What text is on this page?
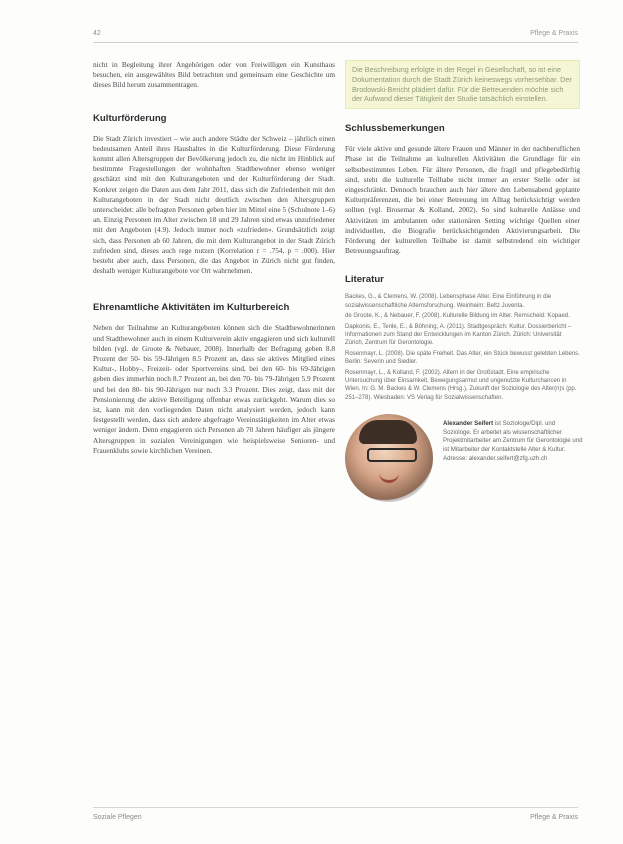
42	Pflege & Praxis

nicht in Begleitung ihrer Angehörigen oder von Freiwilligen ein Kunsthaus besuchen, ein ausgewähltes Bild betrachten und gemeinsam eine Geschichte um dieses Bild herum zusammentragen.

Kulturförderung

Die Stadt Zürich investiert – wie auch andere Städte der Schweiz – jährlich einen bedeutsamen Anteil ihres Haushaltes in die Kulturförderung. Diese Förderung kommt allen Altersgruppen der Bevölkerung jedoch zu, die nicht im Hinblick auf bestimmte Fragestellungen der wohnhaften Stadtbewohner ebenso weniger geschätzt sind mit den Kulturangeboten und der Kulturförderung der Stadt. Konkret zeigen die Daten aus dem Jahr 2011, dass sich die Zufriedenheit mit den Kulturangeboten in der Stadt nicht deutlich zwischen den Altersgruppen unterscheidet: alle befragten Personen geben hier im Mittel eine 5 (Schulnote 1–6) an. Einzig Personen im Alter zwischen 18 und 29 Jahren sind etwas unzufriedener mit den Angeboten (4.9). Jedoch immer noch «zufrieden». Grundsätzlich zeigt sich, dass Personen ab 60 Jahren, die mit dem Kulturangebot in der Stadt Zürich zufrieden sind, dieses auch rege nutzen (Korrelation r = .754, p = .000). Hier besteht aber auch, dass Personen, die das Angebot in Zürich nicht gut finden, deshalb weniger Kulturangebote vor Ort wahrnehmen.

Ehrenamtliche Aktivitäten im Kulturbereich

Neben der Teilnahme an Kulturangeboten können sich die Stadtbewohnerinnen und Stadtbewohner auch in einem Kulturverein aktiv engagieren und sich kulturell bilden (vgl. de Groote & Nebauer, 2008). Innerhalb der Befragung geben 8.8 Prozent der 50- bis 59-Jährigen 8.5 Prozent an, dass sie aktives Mitglied eines Kultur-, Hobby-, Freizeit- oder Sportvereins sind, bei den 60- bis 69-Jährigen geben dies immerhin noch 8.7 Prozent an, bei den 70- bis 79-Jährigen 5.9 Prozent und bei den 80- bis 90-Jährigen nur noch 3.3 Prozent. Dies zeigt, dass mit der Pensionierung die aktive Beteiligung offenbar etwas zurückgeht. Warum dies so ist, kann mit den vorliegenden Daten nicht analysiert werden, jedoch kann festgestellt werden, dass sich andere abgefragte Vereinstätigkeiten im Alter etwas weniger ändern. Denn engagieren sich Personen ab 70 Jahren häufiger als jüngere Altersgruppen in sozialen Vereinigungen wie beispielsweise Senioren- und Frauenklubs sowie kirchlichen Vereinen.

Die Beschreibung erfolgte in der Regel in Gesellschaft, so ist eine Dokumentation durch die Stadt Zürich keineswegs vorhersehbar. Der Brodowski-Bericht plädiert dafür. Für die Betreuenden möchte sich der Aufwand dieser Tätigkeit der Studie tatsächlich einstellen.

Schlussbemerkungen

Für viele aktive und gesunde ältere Frauen und Männer in der nachberuflichen Phase ist die Teilnahme an kulturellen Aktivitäten die Grundlage für ein selbstbestimmtes Leben. Für ältere Personen, die fragil und pflegebedürftig sind, steht die kulturelle Teilhabe nicht immer an erster Stelle oder ist eingeschränkt. Dennoch brauchen auch hier ältere den Lebensabend geplante Kulturpräferenzen, die bei einer Betreuung im Alltag berücksichtigt werden sollten (vgl. Brosemar & Kolland, 2002). So sind kulturelle Anlässe und Aktivitäten im ambulanten oder stationären Setting wichtige Quellen einer individuellen, die Biografie berücksichtigenden Aktivierungsarbeit. Die Förderung der kulturellen Teilhabe ist damit selbstredend ein wichtiger Betreuungsauftrag.

Literatur

Backes, G., & Clemens, W. (2008). Lebensphase Alter. Eine Einführung in die sozialwissenschaftliche Alternsforschung. Weinheim: Beltz Juventa.

de Groote, K., & Nebauer, F. (2008). Kulturelle Bildung im Alter. Remscheid: Kopaed.

Dapkonis, E., Tenle, E., & Böhning, A. (2011). Stadtgespräch: Kultur. Dossierbericht – Informationen zum Stand der Entwicklungen im Kanton Zürich. Zürich: Universität Zürich, Zentrum für Gerontologie.

Rosenmayr, L. (2008). Die späte Freiheit. Das Alter, ein Stück bewusst gelebten Lebens. Berlin: Severin und Siedler.

Rosenmayr, L., & Kolland, F. (2002). Altern in der Großstadt. Eine empirische Untersuchung über Einsamkeit, Bewegungsarmut und ungenutzte Kulturchancen in Wien. In: G. M. Backes & W. Clemens (Hrsg.), Zukunft der Soziologie des Alter(n)s (pp. 251–278). Wiesbaden: VS Verlag für Sozialwissenschaften.

Alexander Seifert ist Soziologe/Dipl. und Soziologe. Er arbeitet als wissenschaftlicher Projektmitarbeiter am Zentrum für Gerontologie und ist Mitarbeiter der Kontaktstelle Alter & Kultur. Adresse: alexander.seifert@zfg.uzh.ch
Soziale Pflegen	Pflege & Praxis
